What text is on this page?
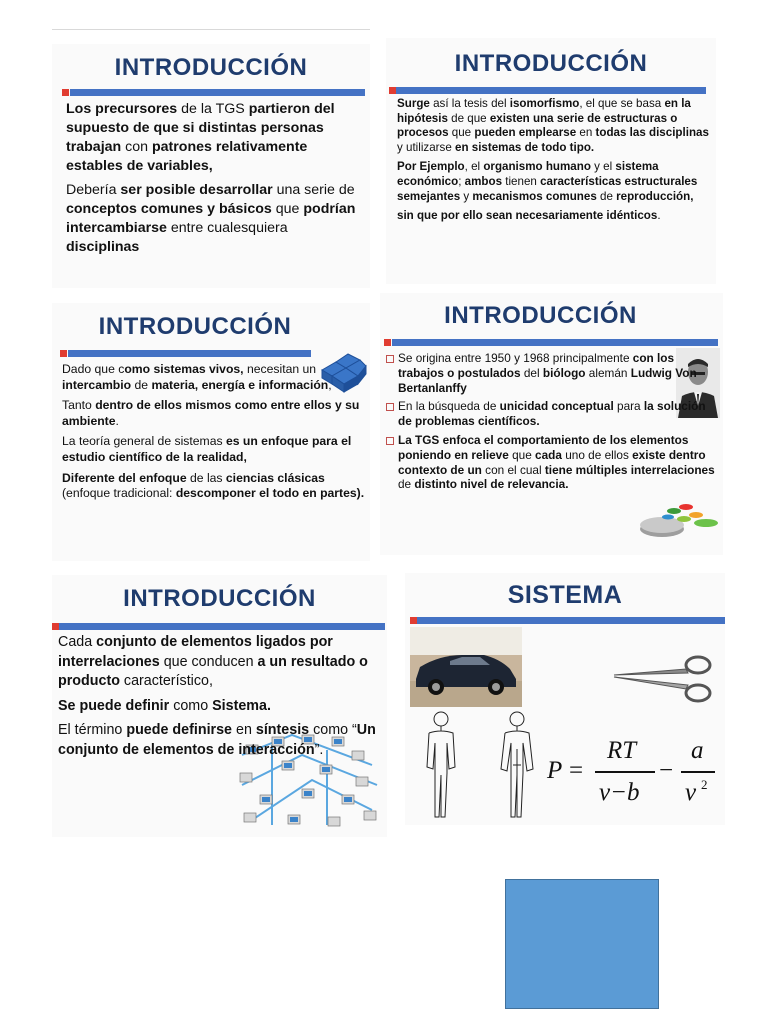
INTRODUCCIÓN

Los precursores de la TGS partieron del supuesto de que si distintas personas trabajan con patrones relativamente estables de variables,

Debería ser posible desarrollar una serie de conceptos comunes y básicos que podrían intercambiarse entre cualesquiera disciplinas

INTRODUCCIÓN

Surge así la tesis del isomorfismo, el que se basa en la hipótesis de que existen una serie de estructuras o procesos que pueden emplearse en todas las disciplinas y utilizarse en sistemas de todo tipo.

Por Ejemplo, el organismo humano y el sistema económico; ambos tienen características estructurales semejantes y mecanismos comunes de reproducción,

sin que por ello sean necesariamente idénticos.

INTRODUCCIÓN

Dado que como sistemas vivos, necesitan un intercambio de materia, energía e información,

Tanto dentro de ellos mismos como entre ellos y su ambiente.

La teoría general de sistemas es un enfoque para el estudio científico de la realidad,

Diferente del enfoque de las ciencias clásicas (enfoque tradicional: descomponer el todo en partes).

INTRODUCCIÓN
Se origina entre 1950 y 1968 principalmente con los trabajos o postulados del biólogo alemán Ludwig Von Bertanlanffy
En la búsqueda de unicidad conceptual para la solución de problemas científicos.
La TGS enfoca el comportamiento de los elementos poniendo en relieve que cada uno de ellos existe dentro contexto de un con el cual tiene múltiples interrelaciones de distinto nivel de relevancia.
INTRODUCCIÓN

Cada conjunto de elementos ligados por interrelaciones que conducen a un resultado o producto característico,

Se puede definir como Sistema.

El término puede definirse en síntesis como “Un conjunto de elementos de interacción”.

SISTEMA
P =
RT
v−b
−
a
v 2
